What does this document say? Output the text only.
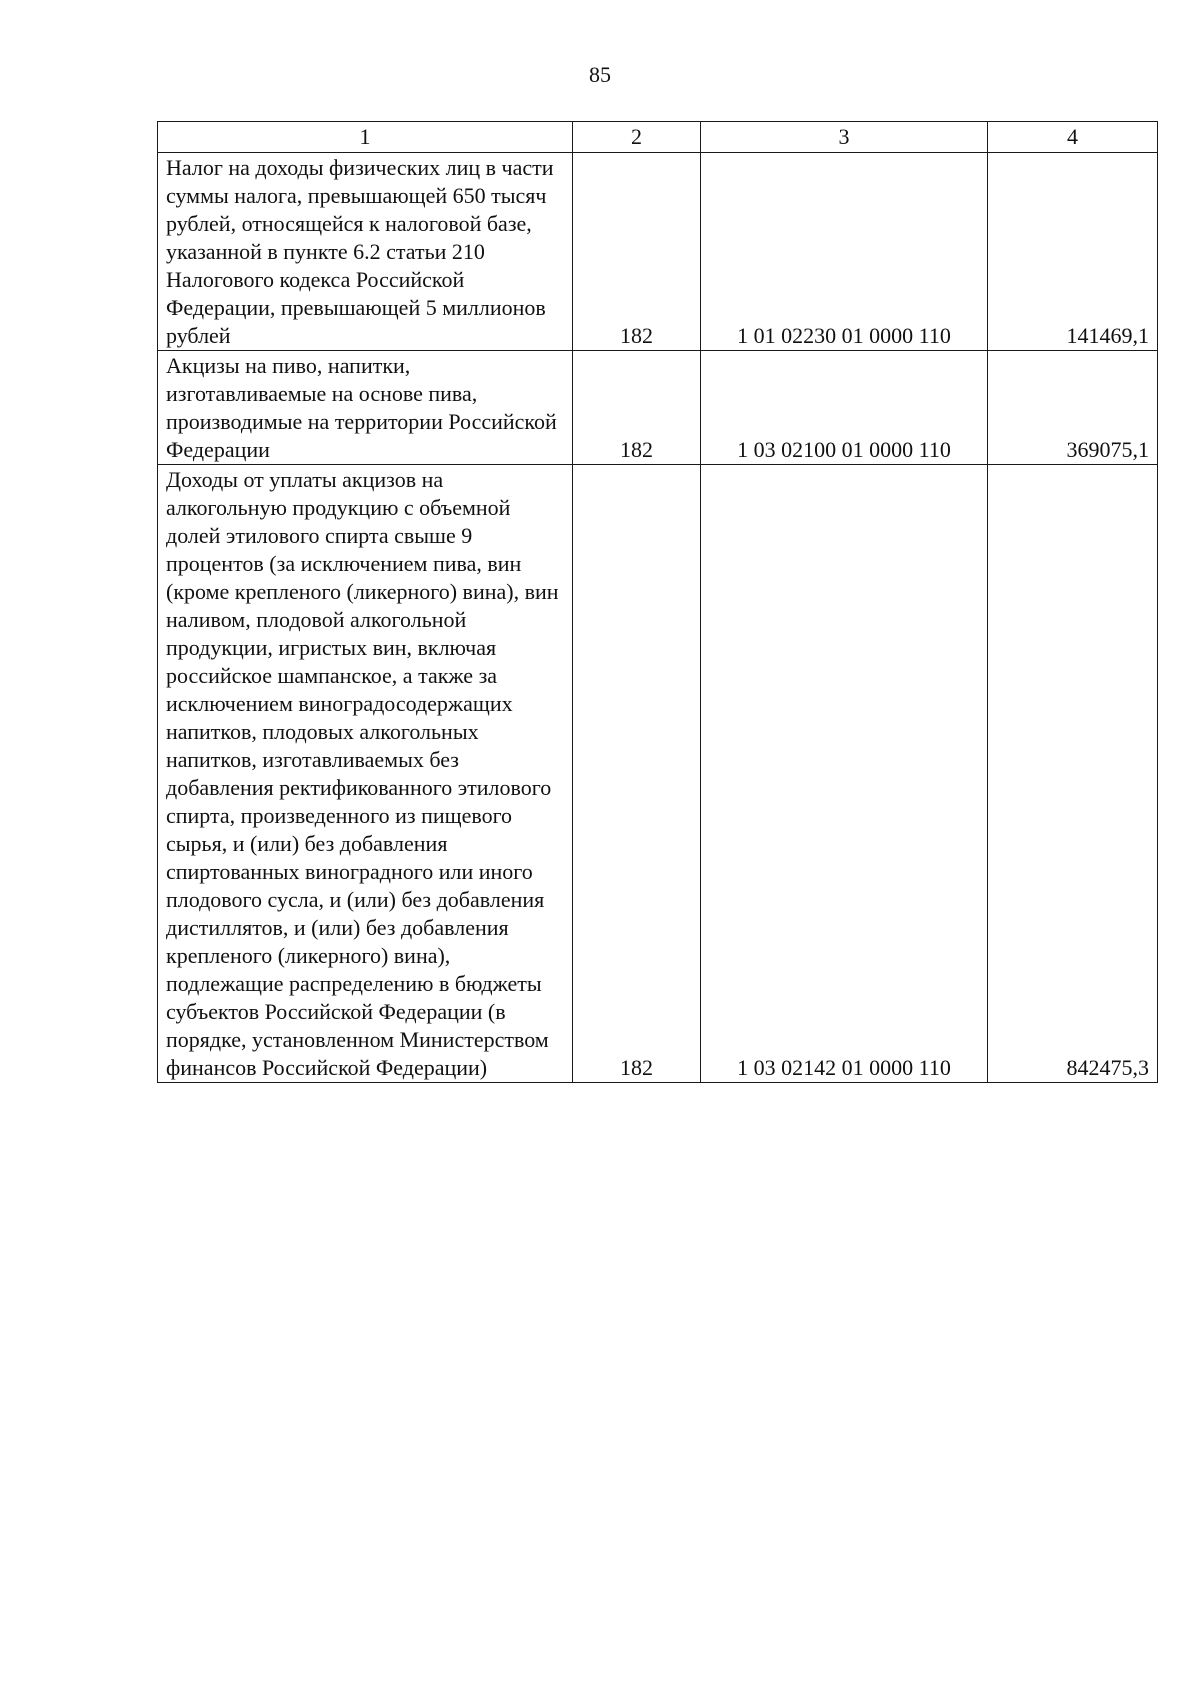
85
1	2	3	4
Налог на доходы физических лиц в части суммы налога, превышающей 650 тысяч рублей, относящейся к налоговой базе, указанной в пункте 6.2 статьи 210 Налогового кодекса Российской Федерации, превышающей 5 миллионов рублей	182	1 01 02230 01 0000 110	141469,1
Акцизы на пиво, напитки, изготавливаемые на основе пива, производимые на территории Российской Федерации	182	1 03 02100 01 0000 110	369075,1
Доходы от уплаты акцизов на алкогольную продукцию с объемной долей этилового спирта свыше 9 процентов (за исключением пива, вин (кроме крепленого (ликерного) вина), вин наливом, плодовой алкогольной продукции, игристых вин, включая российское шампанское, а также за исключением виноградосодержащих напитков, плодовых алкогольных напитков, изготавливаемых без добавления ректификованного этилового спирта, произведенного из пищевого сырья, и (или) без добавления спиртованных виноградного или иного плодового сусла, и (или) без добавления дистиллятов, и (или) без добавления крепленого (ликерного) вина), подлежащие распределению в бюджеты субъектов Российской Федерации (в порядке, установленном Министерством финансов Российской Федерации)	182	1 03 02142 01 0000 110	842475,3
